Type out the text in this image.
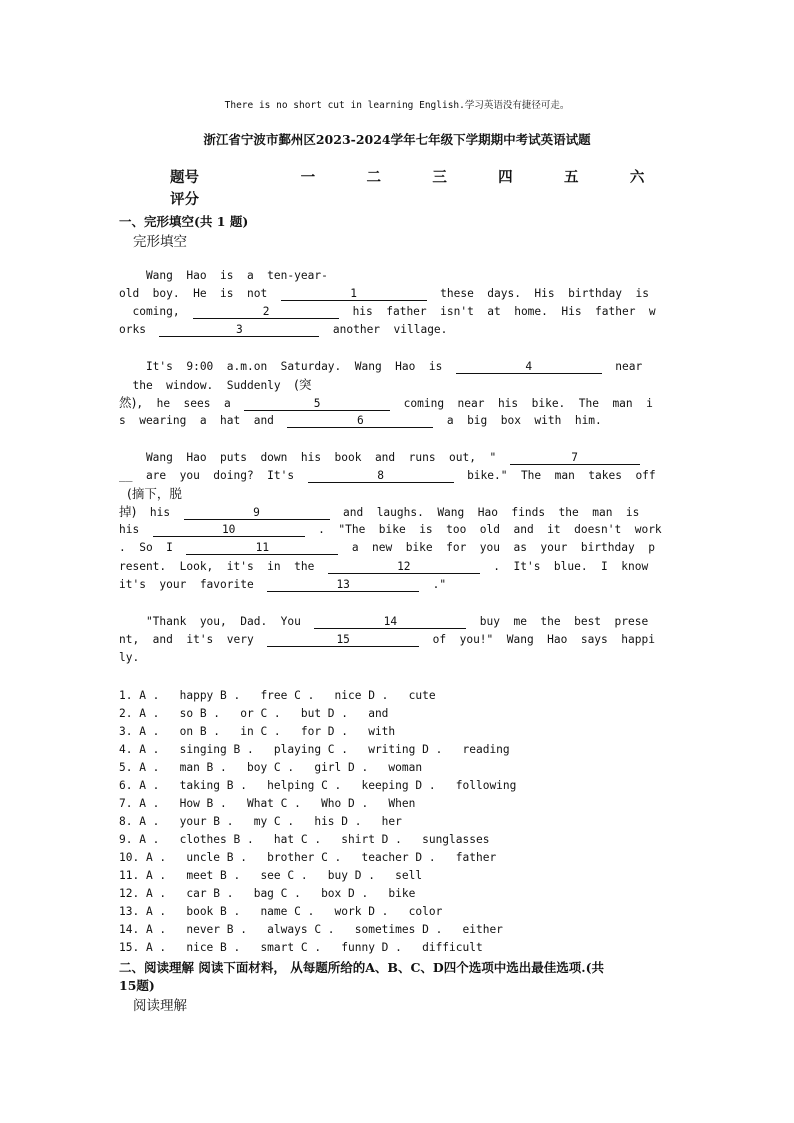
There is no short cut in learning English.学习英语没有捷径可走。
浙江省宁波市鄞州区2023-2024学年七年级下学期期中考试英语试题
题号	一	二	三	四	五	六
评分
一、完形填空(共 1 题)
完形填空
Wang  Hao  is  a  ten-year-
old  boy.  He  is  not	1	these  days.  His  birthday  is
coming,	2	his  father  isn't  at  home.  His  father  w
orks	3	another  village.
It's  9:00  a.m.on  Saturday.  Wang  Hao  is	4	near
the  window.  Suddenly  (突
然),  he  sees  a	5	coming  near  his  bike.  The  man  i
s  wearing  a  hat  and	6	a  big  box  with  him.
Wang  Hao  puts  down  his  book  and  runs  out,  "	7
__  are  you  doing?  It's	8	bike."  The  man  takes  off
(摘下，脱
掉)  his	9	and  laughs.  Wang  Hao  finds  the  man  is
his	10	.  "The  bike  is  too  old  and  it  doesn't  work
.  So  I	11	a  new  bike  for  you  as  your  birthday  p
resent.  Look,  it's  in  the	12	.  It's  blue.  I  know
it's  your  favorite	13	."
"Thank  you,  Dad.  You	14	buy  me  the  best  prese
nt,  and  it's  very	15	of  you!"  Wang  Hao  says  happi
ly.
1. A .   happy B .   free C .   nice D .   cute
2. A .   so B .   or C .   but D .   and
3. A .   on B .   in C .   for D .   with
4. A .   singing B .   playing C .   writing D .   reading
5. A .   man B .   boy C .   girl D .   woman
6. A .   taking B .   helping C .   keeping D .   following
7. A .   How B .   What C .   Who D .   When
8. A .   your B .   my C .   his D .   her
9. A .   clothes B .   hat C .   shirt D .   sunglasses
10. A .   uncle B .   brother C .   teacher D .   father
11. A .   meet B .   see C .   buy D .   sell
12. A .   car B .   bag C .   box D .   bike
13. A .   book B .   name C .   work D .   color
14. A .   never B .   always C .   sometimes D .   either
15. A .   nice B .   smart C .   funny D .   difficult
二、阅读理解 阅读下面材料， 从每题所给的A、B、C、D四个选项中选出最佳选项.(共
15题)
阅读理解
